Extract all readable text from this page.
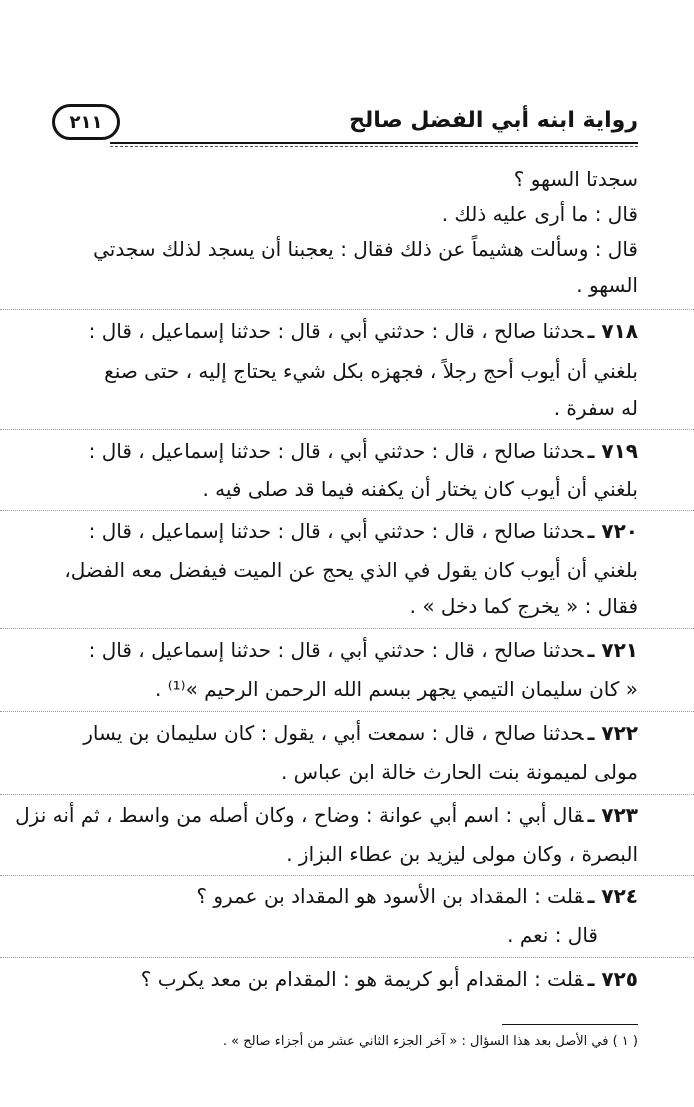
رواية ابنه أبي الفضل صالح
٢١١
سجدتا السهو ؟
قال : ما أرى عليه ذلك .
قال : وسألت هشيماً عن ذلك فقال : يعجبنا أن يسجد لذلك سجدتي
السهو .
٧١٨ ـحدثنا صالح ، قال : حدثني أبي ، قال : حدثنا إسماعيل ، قال :
بلغني أن أيوب أحج رجلاً ، فجهزه بكل شيء يحتاج إليه ، حتى صنع
له سفرة .
٧١٩ ـحدثنا صالح ، قال : حدثني أبي ، قال : حدثنا إسماعيل ، قال :
بلغني أن أيوب كان يختار أن يكفنه فيما قد صلى فيه .
٧٢٠ ـحدثنا صالح ، قال : حدثني أبي ، قال : حدثنا إسماعيل ، قال :
بلغني أن أيوب كان يقول في الذي يحج عن الميت فيفضل معه الفضل،
فقال : « يخرج كما دخل » .
٧٢١ ـحدثنا صالح ، قال : حدثني أبي ، قال : حدثنا إسماعيل ، قال :
« كان سليمان التيمي يجهر ببسم الله الرحمن الرحيم »⁽¹⁾ .
٧٢٢ ـحدثنا صالح ، قال : سمعت أبي ، يقول : كان سليمان بن يسار
مولى لميمونة بنت الحارث خالة ابن عباس .
٧٢٣ ـقال أبي : اسم أبي عوانة : وضاح ، وكان أصله من واسط ، ثم أنه نزل
البصرة ، وكان مولى ليزيد بن عطاء البزاز .
٧٢٤ ـقلت : المقداد بن الأسود هو المقداد بن عمرو ؟
قال : نعم .
٧٢٥ ـقلت : المقدام أبو كريمة هو : المقدام بن معد يكرب ؟
( ١ ) في الأصل بعد هذا السؤال : « آخر الجزء الثاني عشر من أجزاء صالح » .
